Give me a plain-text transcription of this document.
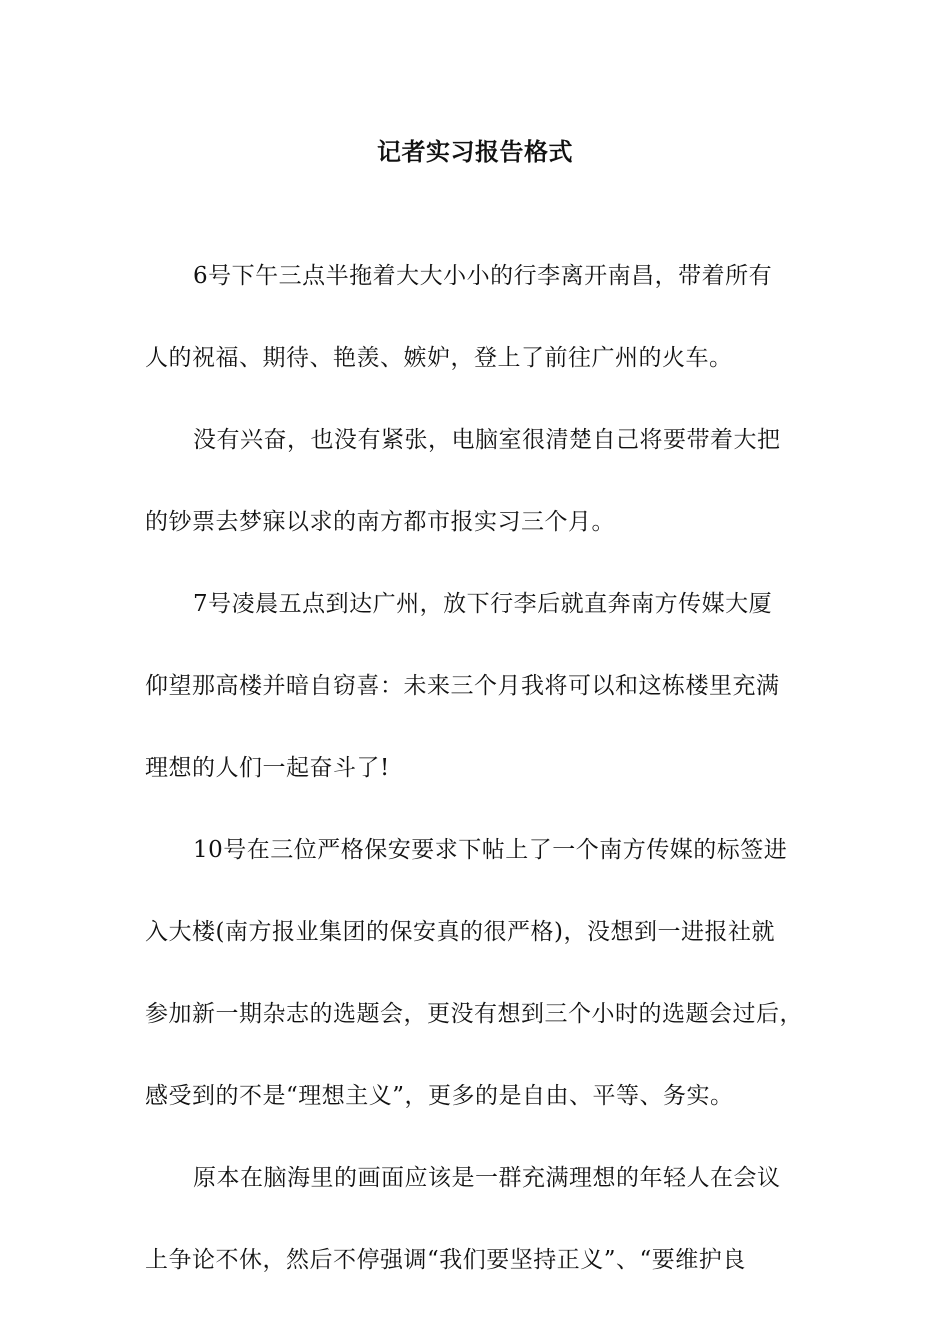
记者实习报告格式
6号下午三点半拖着大大小小的行李离开南昌，带着所有
人的祝福、期待、艳羡、嫉妒，登上了前往广州的火车。
没有兴奋，也没有紧张，电脑室很清楚自己将要带着大把
的钞票去梦寐以求的南方都市报实习三个月。
7号凌晨五点到达广州，放下行李后就直奔南方传媒大厦
仰望那高楼并暗自窃喜：未来三个月我将可以和这栋楼里充满
理想的人们一起奋斗了!
10号在三位严格保安要求下帖上了一个南方传媒的标签进
入大楼(南方报业集团的保安真的很严格)，没想到一进报社就
参加新一期杂志的选题会，更没有想到三个小时的选题会过后，
感受到的不是“理想主义”，更多的是自由、平等、务实。
原本在脑海里的画面应该是一群充满理想的年轻人在会议
上争论不休，然后不停强调“我们要坚持正义”、“要维护良
